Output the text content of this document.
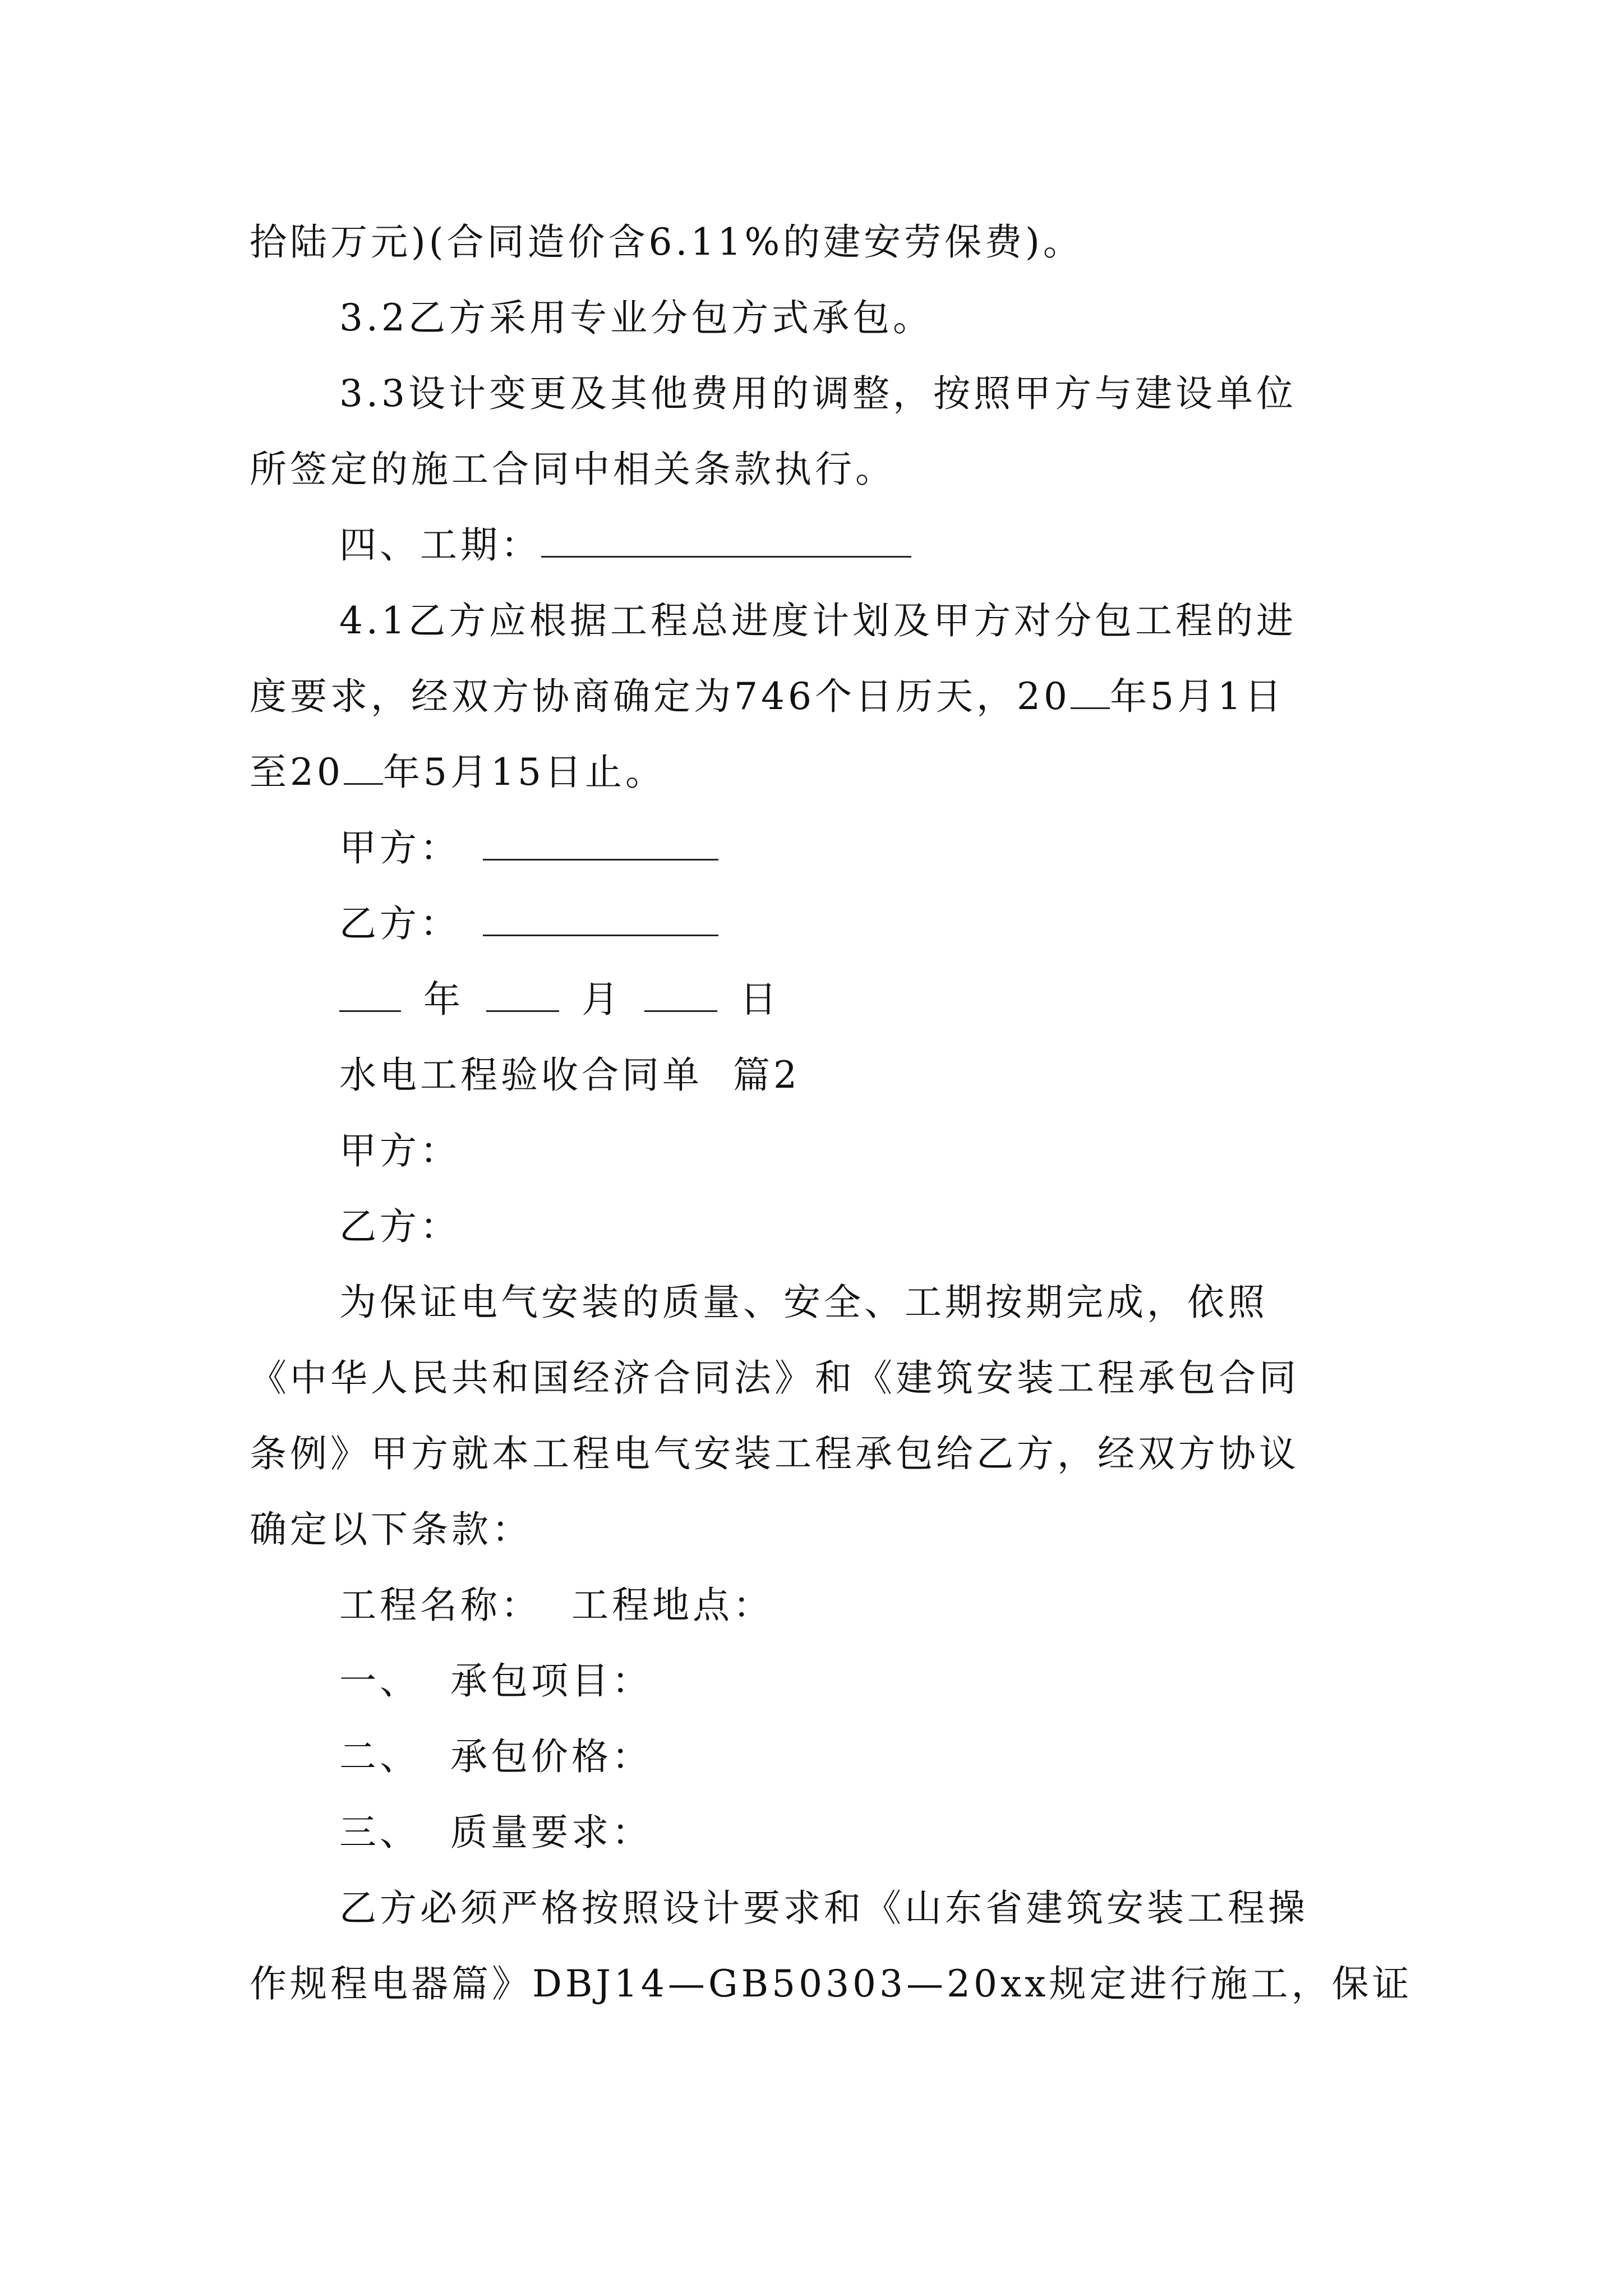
拾陆万元)(合同造价含6.11%的建安劳保费)。
3.2乙方采用专业分包方式承包。
3.3设计变更及其他费用的调整，按照甲方与建设单位
所签定的施工合同中相关条款执行。
四、工期：
4.1乙方应根据工程总进度计划及甲方对分包工程的进
度要求，经双方协商确定为746个日历天，20 年5月1日
至20 年5月15日止。
甲方：
乙方：
年	月	日
水电工程验收合同单  篇2
甲方：
乙方：
为保证电气安装的质量、安全、工期按期完成，依照
《中华人民共和国经济合同法》和《建筑安装工程承包合同
条例》甲方就本工程电气安装工程承包给乙方，经双方协议
确定以下条款：
工程名称：  工程地点：
一、  承包项目：
二、  承包价格：
三、  质量要求：
乙方必须严格按照设计要求和《山东省建筑安装工程操
作规程电器篇》DBJ14—GB50303—20xx规定进行施工，保证
